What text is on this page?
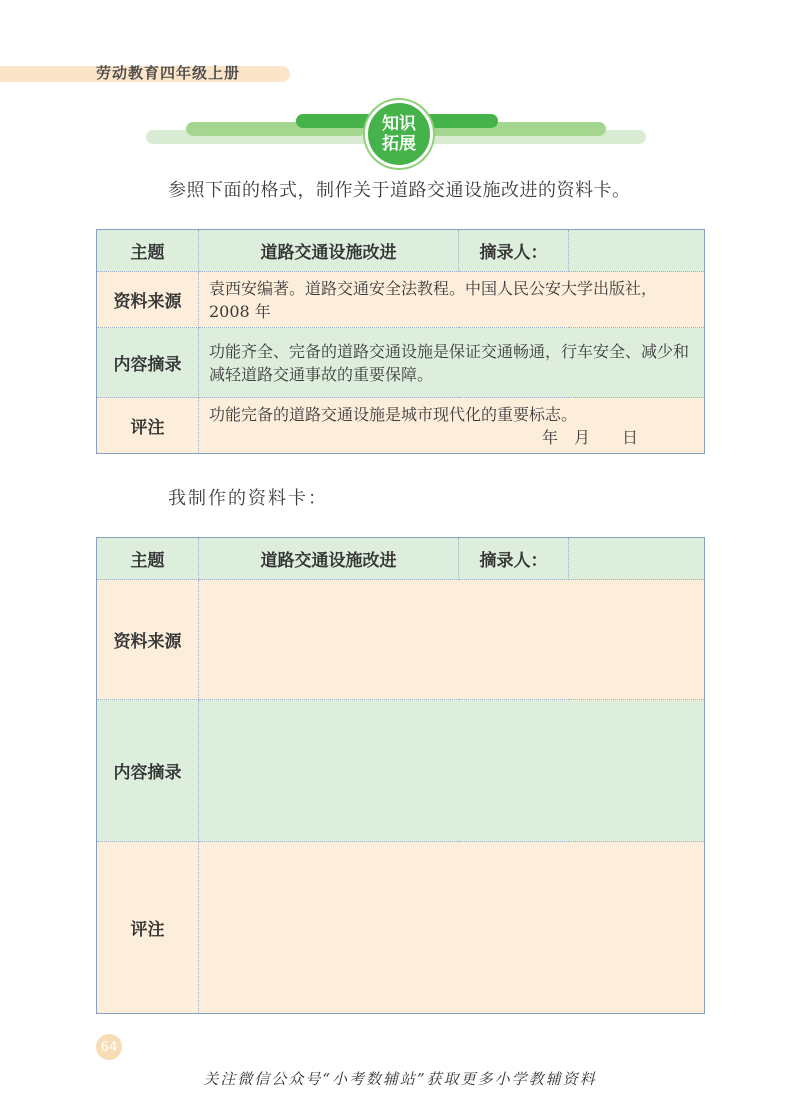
劳动教育四年级上册
知识
拓展
参照下面的格式，制作关于道路交通设施改进的资料卡。
主题	道路交通设施改进	摘录人：	
资料来源	袁西安编著。道路交通安全法教程。中国人民公安大学出版社，2008 年		
内容摘录	功能齐全、完备的道路交通设施是保证交通畅通，行车安全、减少和减轻道路交通事故的重要保障。		
评注	功能完备的道路交通设施是城市现代化的重要标志。
年　月　　日		
我制作的资料卡：
主题	道路交通设施改进	摘录人：	
资料来源			
内容摘录			
评注			
64
关注微信公众号“小考数辅站”获取更多小学教辅资料
